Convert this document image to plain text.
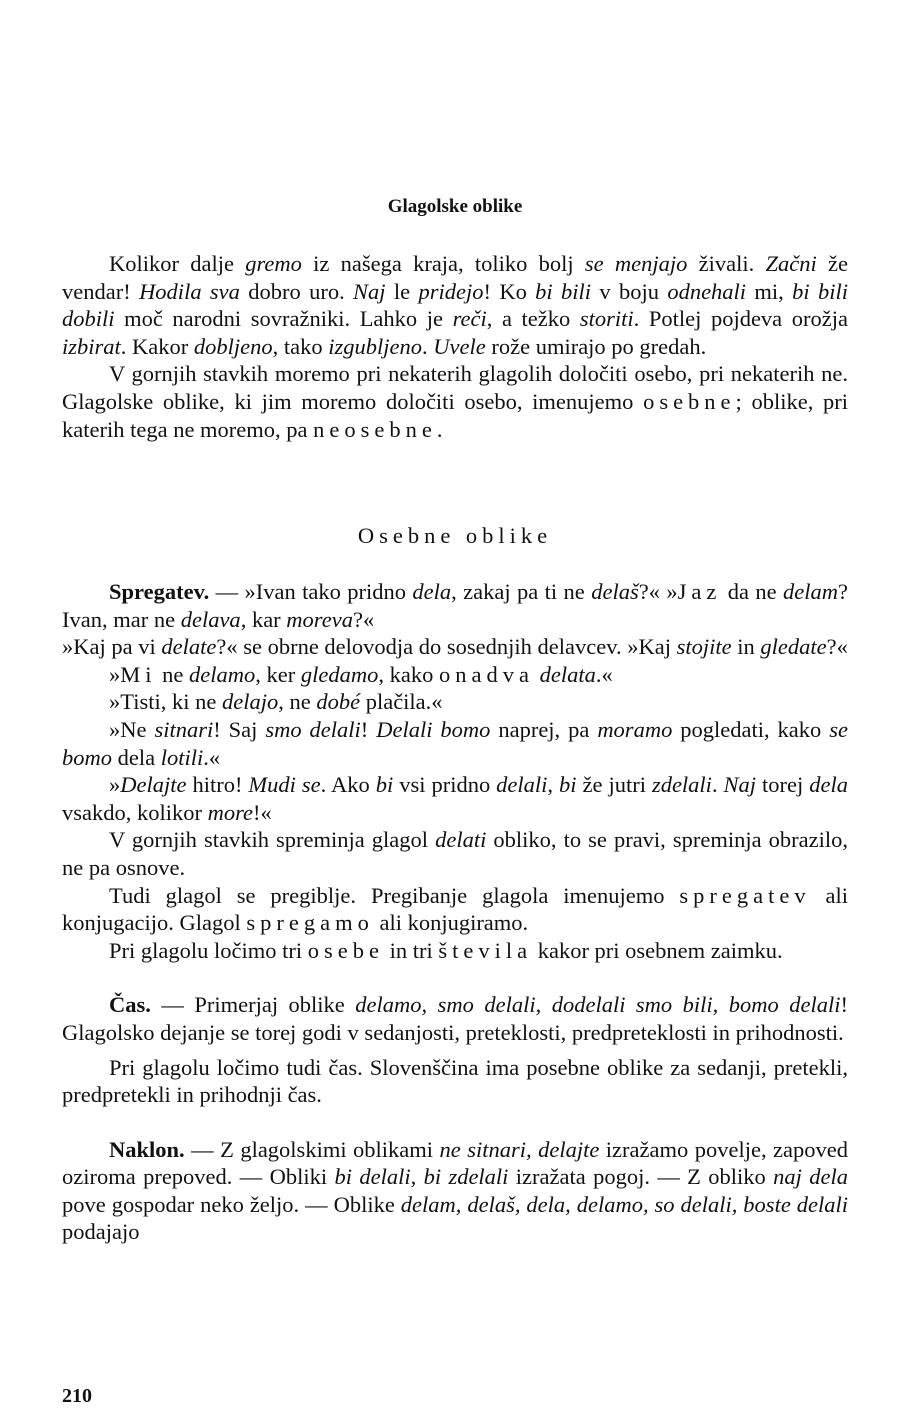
Glagolske oblike

Kolikor dalje gremo iz našega kraja, toliko bolj se menjajo živali. Začni že vendar! Hodila sva dobro uro. Naj le pridejo! Ko bi bili v boju odnehali mi, bi bili dobili moč narodni sovražniki. Lahko je reči, a težko storiti. Potlej pojdeva orožja izbirat. Kakor dobljeno, tako izgubljeno. Uvele rože umirajo po gredah.

V gornjih stavkih moremo pri nekaterih glagolih določiti osebo, pri nekaterih ne. Glagolske oblike, ki jim moremo določiti osebo, imenujemo osebne; oblike, pri katerih tega ne moremo, pa neosebne.

Osebne oblike

Spregatev. — »Ivan tako pridno dela, zakaj pa ti ne delaš?« »Jaz da ne delam? Ivan, mar ne delava, kar moreva?«

»Kaj pa vi delate?« se obrne delovodja do sosednjih delavcev. »Kaj stojite in gledate?«

»Mi ne delamo, ker gledamo, kako onadva delata.«

»Tisti, ki ne delajo, ne dobé plačila.«

»Ne sitnari! Saj smo delali! Delali bomo naprej, pa moramo pogledati, kako se bomo dela lotili.«

»Delajte hitro! Mudi se. Ako bi vsi pridno delali, bi že jutri zdelali. Naj torej dela vsakdo, kolikor more!«

V gornjih stavkih spreminja glagol delati obliko, to se pravi, spreminja obrazilo, ne pa osnove.

Tudi glagol se pregiblje. Pregibanje glagola imenujemo spregatev ali konjugacijo. Glagol spregamo ali konjugiramo.

Pri glagolu ločimo tri osebe in tri števila kakor pri osebnem zaimku.

Čas. — Primerjaj oblike delamo, smo delali, dodelali smo bili, bomo delali! Glagolsko dejanje se torej godi v sedanjosti, preteklosti, predpreteklosti in prihodnosti.

Pri glagolu ločimo tudi čas. Slovenščina ima posebne oblike za sedanji, pretekli, predpretekli in prihodnji čas.

Naklon. — Z glagolskimi oblikami ne sitnari, delajte izražamo povelje, zapoved oziroma prepoved. — Obliki bi delali, bi zdelali izražata pogoj. — Z obliko naj dela pove gospodar neko željo. — Oblike delam, delaš, dela, delamo, so delali, boste delali podajajo

210
